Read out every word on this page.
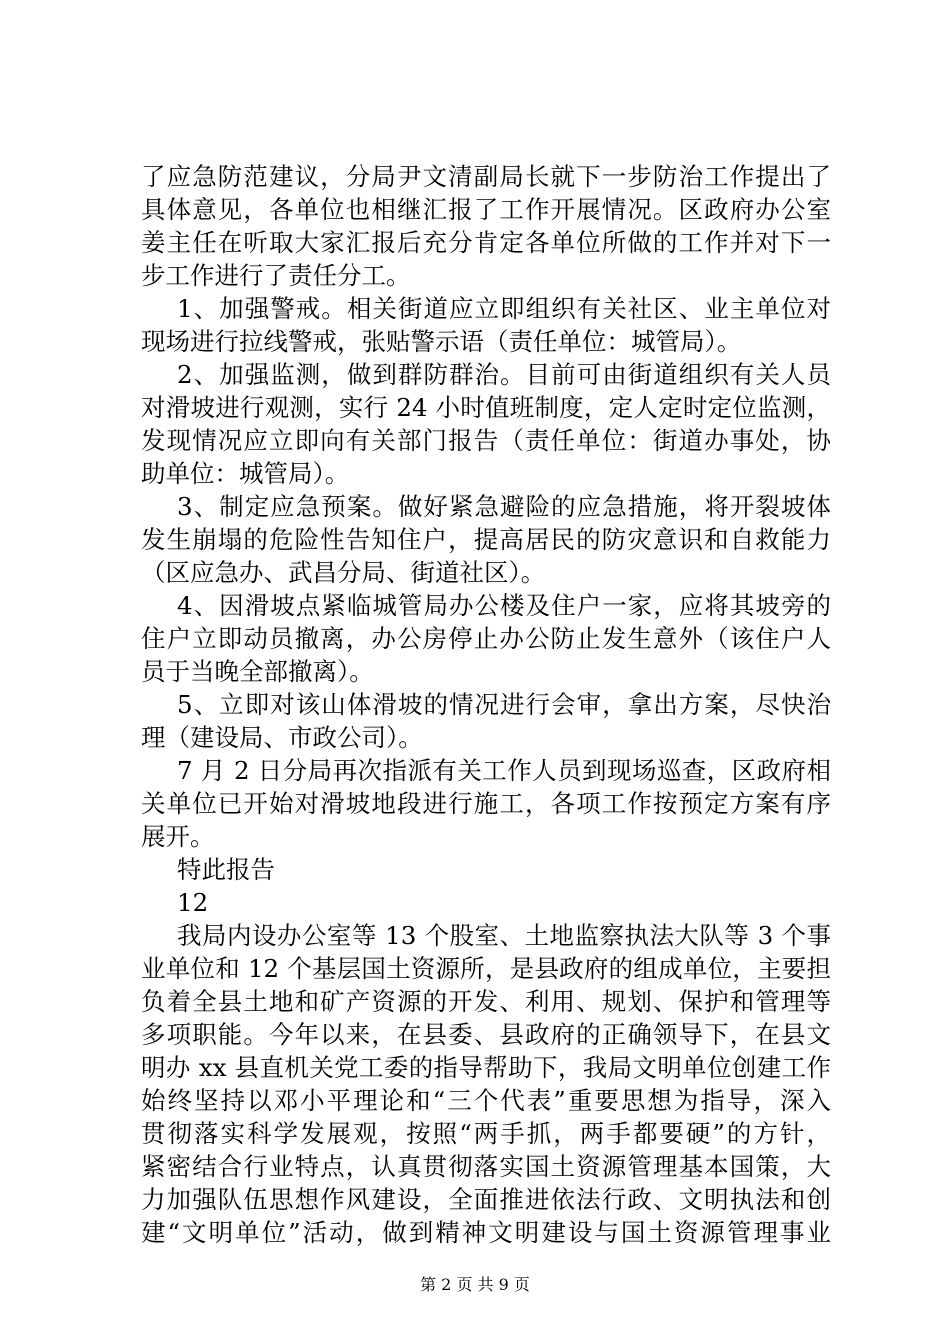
了应急防范建议，分局尹文清副局长就下一步防治工作提出了
具体意见，各单位也相继汇报了工作开展情况。区政府办公室
姜主任在听取大家汇报后充分肯定各单位所做的工作并对下一
步工作进行了责任分工。
1、加强警戒。相关街道应立即组织有关社区、业主单位对
现场进行拉线警戒，张贴警示语（责任单位：城管局）。
2、加强监测，做到群防群治。目前可由街道组织有关人员
对滑坡进行观测，实行 24 小时值班制度，定人定时定位监测，
发现情况应立即向有关部门报告（责任单位：街道办事处，协
助单位：城管局）。
3、制定应急预案。做好紧急避险的应急措施，将开裂坡体
发生崩塌的危险性告知住户，提高居民的防灾意识和自救能力
（区应急办、武昌分局、街道社区）。
4、因滑坡点紧临城管局办公楼及住户一家，应将其坡旁的
住户立即动员撤离，办公房停止办公防止发生意外（该住户人
员于当晚全部撤离）。
5、立即对该山体滑坡的情况进行会审，拿出方案，尽快治
理（建设局、市政公司）。
7 月 2 日分局再次指派有关工作人员到现场巡查，区政府相
关单位已开始对滑坡地段进行施工，各项工作按预定方案有序
展开。
特此报告
12
我局内设办公室等 13 个股室、土地监察执法大队等 3 个事
业单位和 12 个基层国土资源所，是县政府的组成单位，主要担
负着全县土地和矿产资源的开发、利用、规划、保护和管理等
多项职能。今年以来，在县委、县政府的正确领导下，在县文
明办 xx 县直机关党工委的指导帮助下，我局文明单位创建工作
始终坚持以邓小平理论和“三个代表”重要思想为指导，深入
贯彻落实科学发展观，按照“两手抓，两手都要硬”的方针，
紧密结合行业特点，认真贯彻落实国土资源管理基本国策，大
力加强队伍思想作风建设，全面推进依法行政、文明执法和创
建“文明单位”活动，做到精神文明建设与国土资源管理事业
第 2 页 共 9 页
